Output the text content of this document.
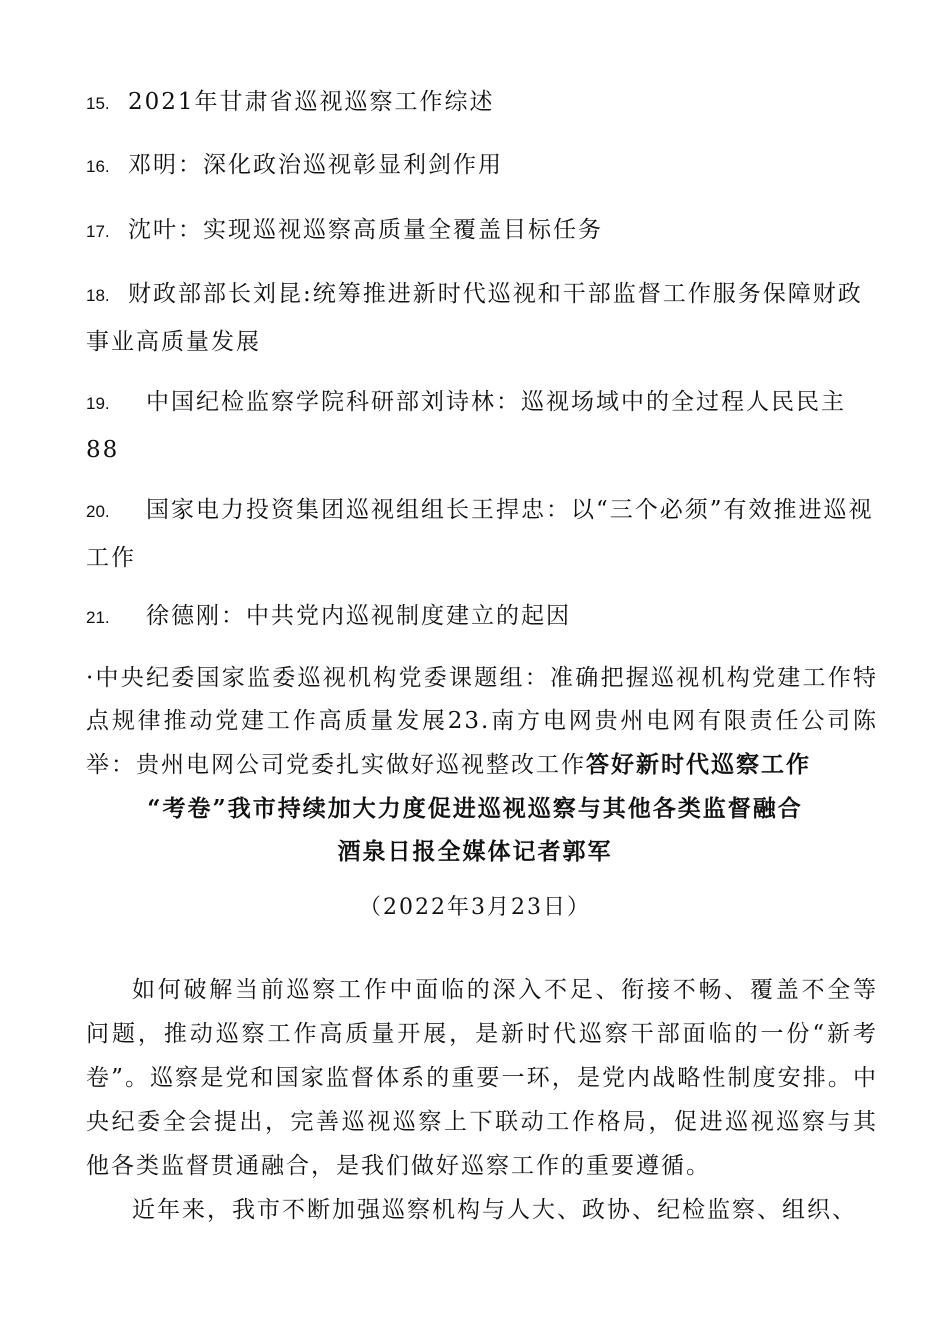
15. 2021年甘肃省巡视巡察工作综述
16. 邓明：深化政治巡视彰显利剑作用
17. 沈叶：实现巡视巡察高质量全覆盖目标任务
18. 财政部部长刘昆:统筹推进新时代巡视和干部监督工作服务保障财政事业高质量发展
19. 中国纪检监察学院科研部刘诗林：巡视场域中的全过程人民民主88
20. 国家电力投资集团巡视组组长王捍忠：以“三个必须”有效推进巡视工作
21. 徐德刚：中共党内巡视制度建立的起因
·中央纪委国家监委巡视机构党委课题组：准确把握巡视机构党建工作特点规律推动党建工作高质量发展23.南方电网贵州电网有限责任公司陈举：贵州电网公司党委扎实做好巡视整改工作答好新时代巡察工作
“考卷”我市持续加大力度促进巡视巡察与其他各类监督融合
酒泉日报全媒体记者郭军
（2022年3月23日）
如何破解当前巡察工作中面临的深入不足、衔接不畅、覆盖不全等问题，推动巡察工作高质量开展，是新时代巡察干部面临的一份“新考卷”。巡察是党和国家监督体系的重要一环，是党内战略性制度安排。中央纪委全会提出，完善巡视巡察上下联动工作格局，促进巡视巡察与其他各类监督贯通融合，是我们做好巡察工作的重要遵循。
近年来，我市不断加强巡察机构与人大、政协、纪检监察、组织、
